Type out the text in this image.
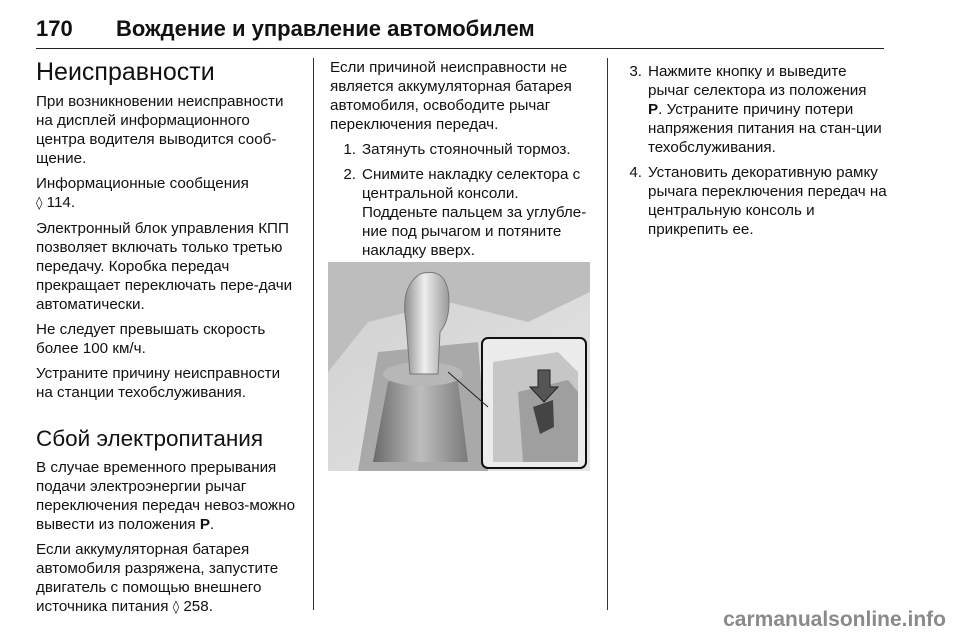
170 Вождение и управление автомобилем
Неисправности

При возникновении неисправности на дисплей информационного центра водителя выводится сооб-щение.

Информационные сообщения
◊ 114.

Электронный блок управления КПП позволяет включать только третью передачу. Коробка передач прекращает переключать пере-дачи автоматически.

Не следует превышать скорость более 100 км/ч.

Устраните причину неисправности на станции техобслуживания.

Сбой электропитания

В случае временного прерывания подачи электроэнергии рычаг переключения передач невоз-можно вывести из положения P.

Если аккумуляторная батарея автомобиля разряжена, запустите двигатель с помощью внешнего источника питания ◊ 258.

Если причиной неисправности не является аккумуляторная батарея автомобиля, освободите рычаг переключения передач.

1. Затянуть стояночный тормоз.
2. Снимите накладку селектора с центральной консоли. Подденьте пальцем за углубле-ние под рычагом и потяните накладку вверх.
3. Нажмите кнопку и выведите рычаг селектора из положения
P. Устраните причину потери напряжения питания на стан-ции техобслуживания.
4. Установить декоративную рамку рычага переключения передач на центральную консоль и прикрепить ее.
carmanualsonline.info
